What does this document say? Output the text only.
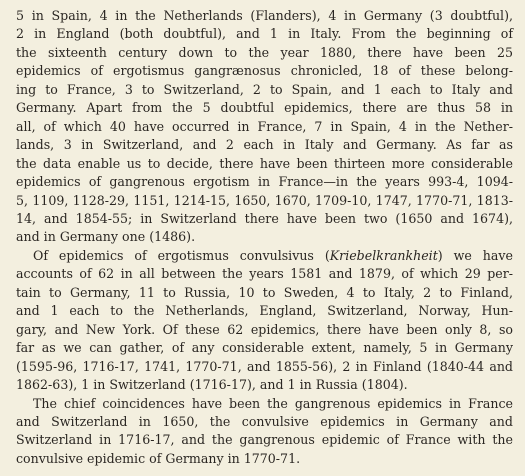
5 in Spain, 4 in the Netherlands (Flanders), 4 in Germany (3 doubtful),
2 in England (both doubtful), and 1 in Italy. From the beginning of
the sixteenth century down to the year 1880, there have been 25
epidemics of ergotismus gangrænosus chronicled, 18 of these belong-
ing to France, 3 to Switzerland, 2 to Spain, and 1 each to Italy and
Germany. Apart from the 5 doubtful epidemics, there are thus 58 in
all, of which 40 have occurred in France, 7 in Spain, 4 in the Nether-
lands, 3 in Switzerland, and 2 each in Italy and Germany. As far as
the data enable us to decide, there have been thirteen more considerable
epidemics of gangrenous ergotism in France—in the years 993-4, 1094-
5, 1109, 1128-29, 1151, 1214-15, 1650, 1670, 1709-10, 1747, 1770-71, 1813-
14, and 1854-55; in Switzerland there have been two (1650 and 1674),
and in Germany one (1486).
Of epidemics of ergotismus convulsivus (Kriebelkrankheit) we have
accounts of 62 in all between the years 1581 and 1879, of which 29 per-
tain to Germany, 11 to Russia, 10 to Sweden, 4 to Italy, 2 to Finland,
and 1 each to the Netherlands, England, Switzerland, Norway, Hun-
gary, and New York. Of these 62 epidemics, there have been only 8, so
far as we can gather, of any considerable extent, namely, 5 in Germany
(1595-96, 1716-17, 1741, 1770-71, and 1855-56), 2 in Finland (1840-44 and
1862-63), 1 in Switzerland (1716-17), and 1 in Russia (1804).
The chief coincidences have been the gangrenous epidemics in France
and Switzerland in 1650, the convulsive epidemics in Germany and
Switzerland in 1716-17, and the gangrenous epidemic of France with the
convulsive epidemic of Germany in 1770-71.
